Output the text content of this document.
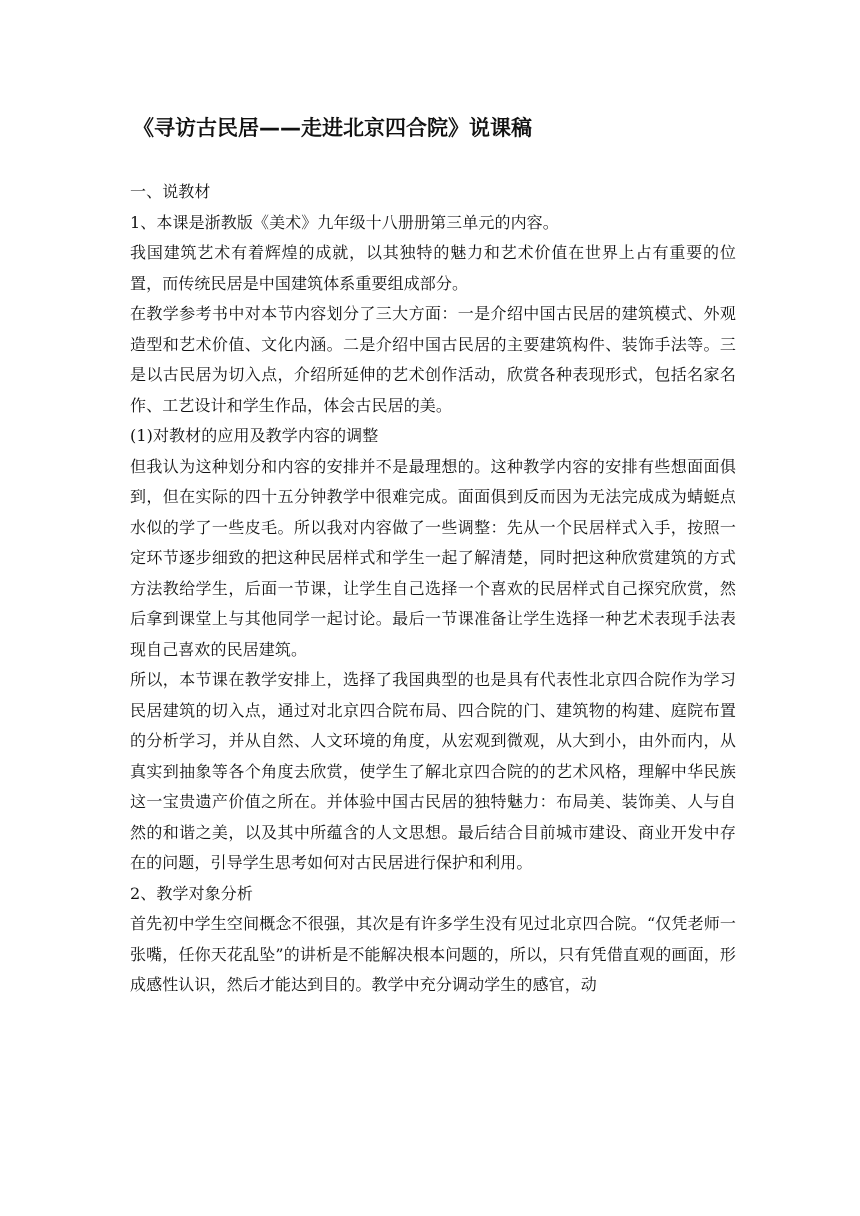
《寻访古民居——走进北京四合院》说课稿

一、说教材

1、本课是浙教版《美术》九年级十八册册第三单元的内容。

我国建筑艺术有着辉煌的成就，以其独特的魅力和艺术价值在世界上占有重要的位置，而传统民居是中国建筑体系重要组成部分。

在教学参考书中对本节内容划分了三大方面：一是介绍中国古民居的建筑模式、外观造型和艺术价值、文化内涵。二是介绍中国古民居的主要建筑构件、装饰手法等。三是以古民居为切入点，介绍所延伸的艺术创作活动，欣赏各种表现形式，包括名家名作、工艺设计和学生作品，体会古民居的美。

(1)对教材的应用及教学内容的调整

但我认为这种划分和内容的安排并不是最理想的。这种教学内容的安排有些想面面俱到，但在实际的四十五分钟教学中很难完成。面面俱到反而因为无法完成成为蜻蜓点水似的学了一些皮毛。所以我对内容做了一些调整：先从一个民居样式入手，按照一定环节逐步细致的把这种民居样式和学生一起了解清楚，同时把这种欣赏建筑的方式方法教给学生，后面一节课，让学生自己选择一个喜欢的民居样式自己探究欣赏，然后拿到课堂上与其他同学一起讨论。最后一节课准备让学生选择一种艺术表现手法表现自己喜欢的民居建筑。

所以，本节课在教学安排上，选择了我国典型的也是具有代表性北京四合院作为学习民居建筑的切入点，通过对北京四合院布局、四合院的门、建筑物的构建、庭院布置的分析学习，并从自然、人文环境的角度，从宏观到微观，从大到小，由外而内，从真实到抽象等各个角度去欣赏，使学生了解北京四合院的的艺术风格，理解中华民族这一宝贵遗产价值之所在。并体验中国古民居的独特魅力：布局美、装饰美、人与自然的和谐之美，以及其中所蕴含的人文思想。最后结合目前城市建设、商业开发中存在的问题，引导学生思考如何对古民居进行保护和利用。

2、教学对象分析

首先初中学生空间概念不很强，其次是有许多学生没有见过北京四合院。“仅凭老师一张嘴，任你天花乱坠”的讲析是不能解决根本问题的，所以，只有凭借直观的画面，形成感性认识，然后才能达到目的。教学中充分调动学生的感官，动
